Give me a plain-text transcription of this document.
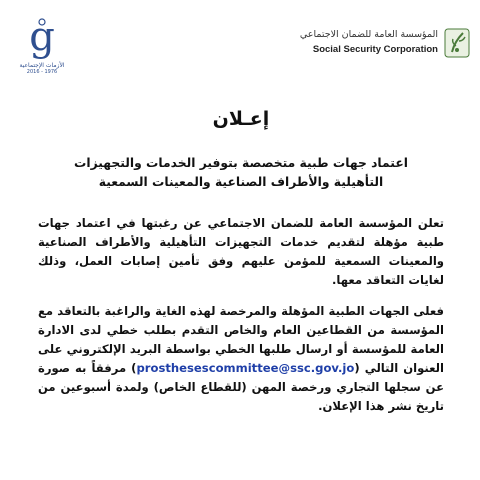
g
الأزمات الإجتماعية
2016 - 1976
المؤسسة العامة للضمان الاجتماعي
Social Security Corporation
إعـلان
اعتماد جهات طبية متخصصة بتوفير الخدمات والتجهيزات
التأهيلية والأطراف الصناعية والمعينات السمعية

تعلن المؤسسة العامة للضمان الاجتماعي عن رغبتها في اعتماد جهات طبية مؤهلة لتقديم خدمات التجهيزات التأهيلية والأطراف الصناعية والمعينات السمعية للمؤمن عليهم وفق تأمين إصابات العمل، وذلك لغايات التعاقد معها.

فعلى الجهات الطبية المؤهلة والمرخصة لهذه الغاية والراغبة بالتعاقد مع المؤسسة من القطاعين العام والخاص التقدم بطلب خطي لدى الادارة العامة للمؤسسة أو ارسال طلبها الخطي بواسطة البريد الإلكتروني على العنوان التالي (prosthesescommittee@ssc.gov.jo) مرفقاً به صورة عن سجلها التجاري ورخصة المهن (للقطاع الخاص) ولمدة أسبوعين من تاريخ نشر هذا الإعلان.
